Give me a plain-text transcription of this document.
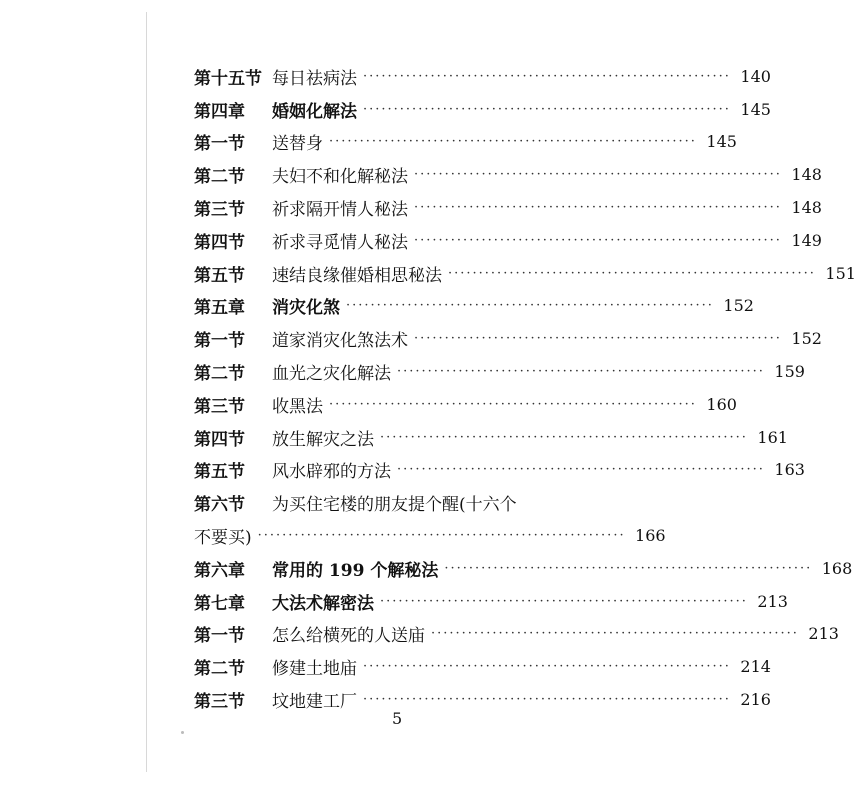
第十五节 每日祛病法 ···························································· 140
第四章	婚姻化解法 ···························································· 145
第一节	送替身 ···························································· 145
第二节	夫妇不和化解秘法 ···························································· 148
第三节	祈求隔开情人秘法 ···························································· 148
第四节	祈求寻觅情人秘法 ···························································· 149
第五节	速结良缘催婚相思秘法 ···························································· 151
第五章	消灾化煞 ···························································· 152
第一节	道家消灾化煞法术 ···························································· 152
第二节	血光之灾化解法 ···························································· 159
第三节	收黑法 ···························································· 160
第四节	放生解灾之法 ···························································· 161
第五节	风水辟邪的方法 ···························································· 163
第六节	为买住宅楼的朋友提个醒(十六个
不要买) ···························································· 166
第六章	常用的 199 个解秘法 ···························································· 168
第七章	大法术解密法 ···························································· 213
第一节	怎么给横死的人送庙 ···························································· 213
第二节	修建土地庙 ···························································· 214
第三节	坟地建工厂 ···························································· 216
5
